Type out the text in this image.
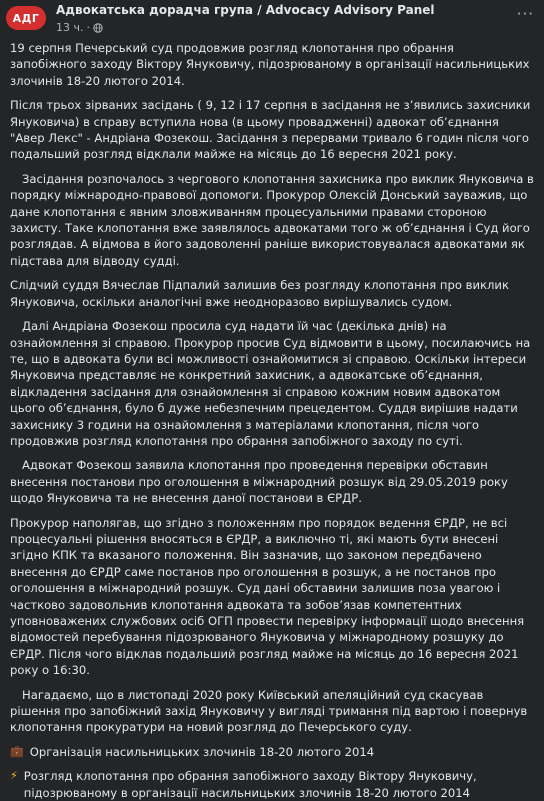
АДГ
Адвокатська дорадча група / Advocacy Advisory Panel
13 ч. ·
···

19 серпня Печерський суд продовжив розгляд клопотання про обрання запобіжного заходу Віктору Януковичу, підозрюваному в організації насильницьких злочинів 18-20 лютого 2014.

Після трьох зірваних засідань ( 9, 12 і 17 серпня в засідання не з’явились захисники Януковича) в справу вступила нова (в цьому провадженні) адвокат об’єднання "Авер Лекс" - Андріана Фозекош. Засідання з перервами тривало 6 годин після чого подальший розгляд відклали майже на місяць до 16 вересня 2021 року.

Засідання розпочалось з чергового клопотання захисника про виклик Януковича в порядку міжнародно-правової допомоги. Прокурор Олексій Донський зауважив, що дане клопотання є явним зловживанням процесуальними правами стороною захисту. Таке клопотання вже заявлялось адвокатами того ж об’єднання і Суд його розглядав. А відмова в його задоволенні раніше використовувалася адвокатами як підстава для відводу судді.

Слідчий суддя Вячеслав Підпалий залишив без розгляду клопотання про виклик Януковича, оскільки аналогічні вже неодноразово вирішувались судом.

Далі Андріана Фозекош просила суд надати їй час (декілька днів) на ознайомлення зі справою. Прокурор просив Суд відмовити в цьому, посилаючись на те, що в адвоката були всі можливості ознайомитися зі справою. Оскільки інтереси Януковича представляє не конкретний захисник, а адвокатське об’єднання, відкладення засідання для ознайомлення зі справою кожним новим адвокатом цього об’єднання, було б дуже небезпечним прецедентом. Суддя вирішив надати захиснику 3 години на ознайомлення з матеріалами клопотання, після чого продовжив розгляд клопотання про обрання запобіжного заходу по суті.

Адвокат Фозекош заявила клопотання про проведення перевірки обставин внесення постанови про оголошення в міжнародний розшук від 29.05.2019 року щодо Януковича та не внесення даної постанови в ЄРДР.

Прокурор наполягав, що згідно з положенням про порядок ведення ЄРДР, не всі процесуальні рішення вносяться в ЄРДР, а виключно ті, які мають бути внесені згідно КПК та вказаного положення. Він зазначив, що законом передбачено внесення до ЄРДР саме постанов про оголошення в розшук, а не постанов про оголошення в міжнародний розшук. Суд дані обставини залишив поза увагою і частково задовольнив клопотання адвоката та зобов’язав компетентних уповноважених службових осіб ОГП провести перевірку інформації щодо внесення відомостей перебування підозрюваного Януковича у міжнародному розшуку до ЄРДР. Після чого відклав подальший розгляд майже на місяць до 16 вересня 2021 року о 16:30.

Нагадаємо, що в листопаді 2020 року Київський апеляційний суд скасував рішення про запобіжний захід Януковичу у вигляді тримання під вартою і повернув клопотання прокуратури на новий розгляд до Печерського суду.

💼 Організація насильницьких злочинів 18-20 лютого 2014
⚡ Розгляд клопотання про обрання запобіжного заходу Віктору Януковичу, підозрюваному в організації насильницьких злочинів 18-20 лютого 2014
